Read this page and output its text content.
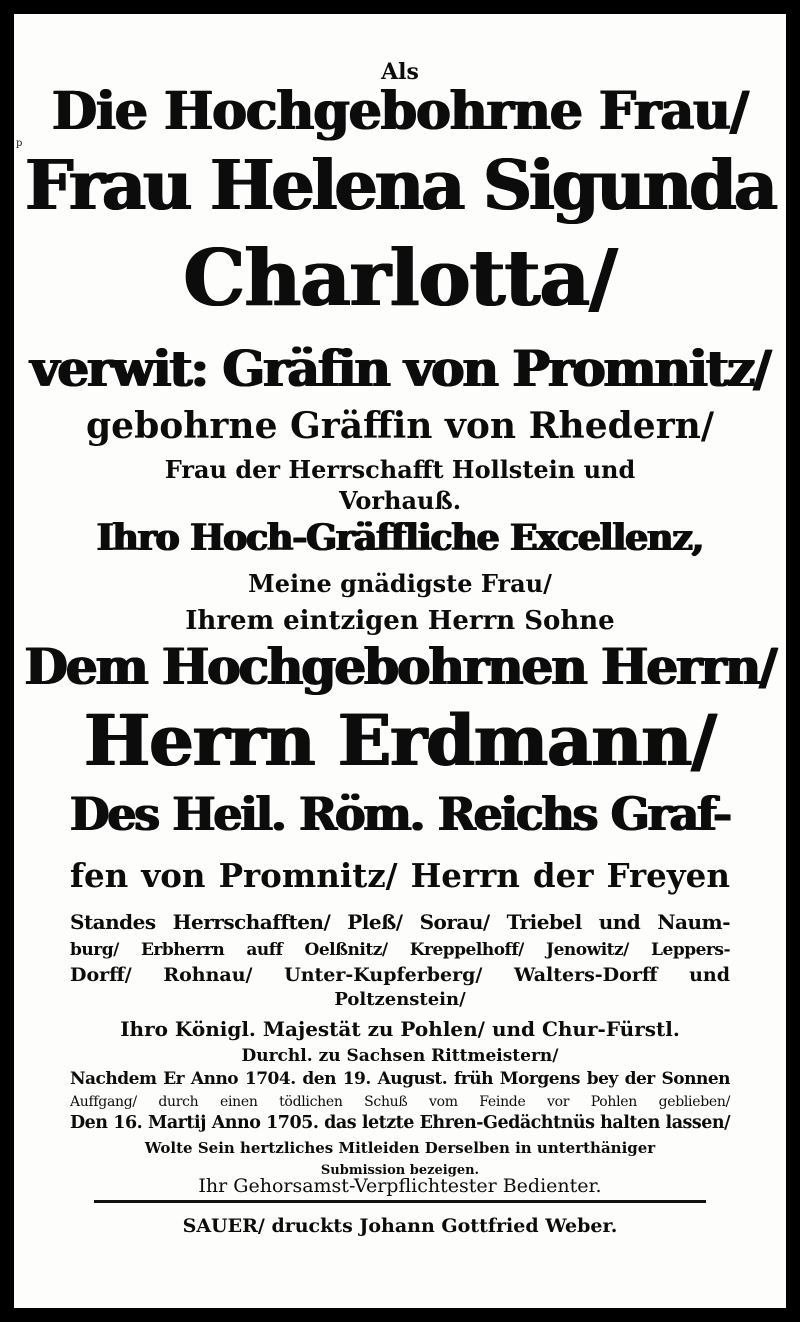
p
Als
Die Hochgebohrne Frau/
Frau Helena Sigunda
Charlotta/
verwit: Gräfin von Promnitz/
gebohrne Gräffin von Rhedern/
Frau der Herrschafft Hollstein und
Vorhauß.
Ihro Hoch-Gräffliche Excellenz,
Meine gnädigste Frau/
Ihrem eintzigen Herrn Sohne
Dem Hochgebohrnen Herrn/
Herrn Erdmann/
Des Heil. Röm. Reichs Graf-
fen von Promnitz/ Herrn der Freyen
Standes Herrschafften/ Pleß/ Sorau/ Triebel und Naum-
burg/ Erbherrn auff Oelßnitz/ Kreppelhoff/ Jenowitz/ Leppers-
Dorff/ Rohnau/ Unter-Kupferberg/ Walters-Dorff und
Poltzenstein/
Ihro Königl. Majestät zu Pohlen/ und Chur-Fürstl.
Durchl. zu Sachsen Rittmeistern/
Nachdem Er Anno 1704. den 19. August. früh Morgens bey der Sonnen
Auffgang/ durch einen tödlichen Schuß vom Feinde vor Pohlen geblieben/
Den 16. Martij Anno 1705. das letzte Ehren-Gedächtnüs halten lassen/
Wolte Sein hertzliches Mitleiden Derselben in unterthäniger
Submission bezeigen.
Ihr Gehorsamst-Verpflichtester Bedienter.
SAUER/ druckts Johann Gottfried Weber.
